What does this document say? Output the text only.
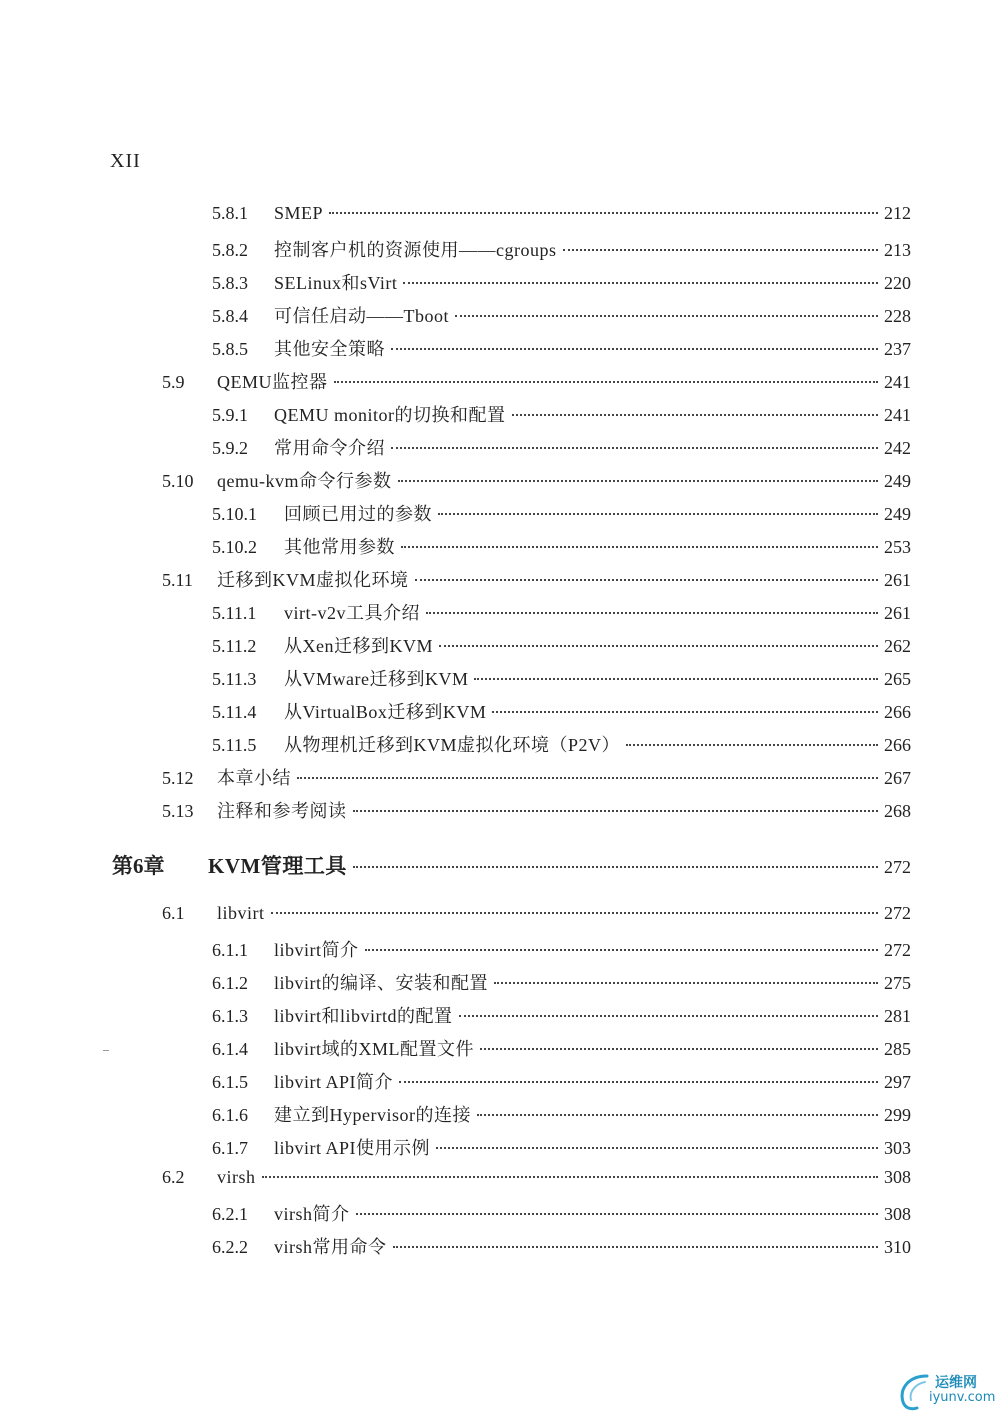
XII
5.8.1	SMEP	212
5.8.2	控制客户机的资源使用——cgroups	213
5.8.3	SELinux和sVirt	220
5.8.4	可信任启动——Tboot	228
5.8.5	其他安全策略	237
5.9	QEMU监控器	241
5.9.1	QEMU monitor的切换和配置	241
5.9.2	常用命令介绍	242
5.10	qemu-kvm命令行参数	249
5.10.1	回顾已用过的参数	249
5.10.2	其他常用参数	253
5.11	迁移到KVM虚拟化环境	261
5.11.1	virt-v2v工具介绍	261
5.11.2	从Xen迁移到KVM	262
5.11.3	从VMware迁移到KVM	265
5.11.4	从VirtualBox迁移到KVM	266
5.11.5	从物理机迁移到KVM虚拟化环境（P2V）	266
5.12	本章小结	267
5.13	注释和参考阅读	268
第6章	KVM管理工具	272
6.1	libvirt	272
6.1.1	libvirt简介	272
6.1.2	libvirt的编译、安装和配置	275
6.1.3	libvirt和libvirtd的配置	281
6.1.4	libvirt域的XML配置文件	285
6.1.5	libvirt API简介	297
6.1.6	建立到Hypervisor的连接	299
6.1.7	libvirt API使用示例	303
6.2	virsh	308
6.2.1	virsh简介	308
6.2.2	virsh常用命令	310
运维网
iyunv.com
